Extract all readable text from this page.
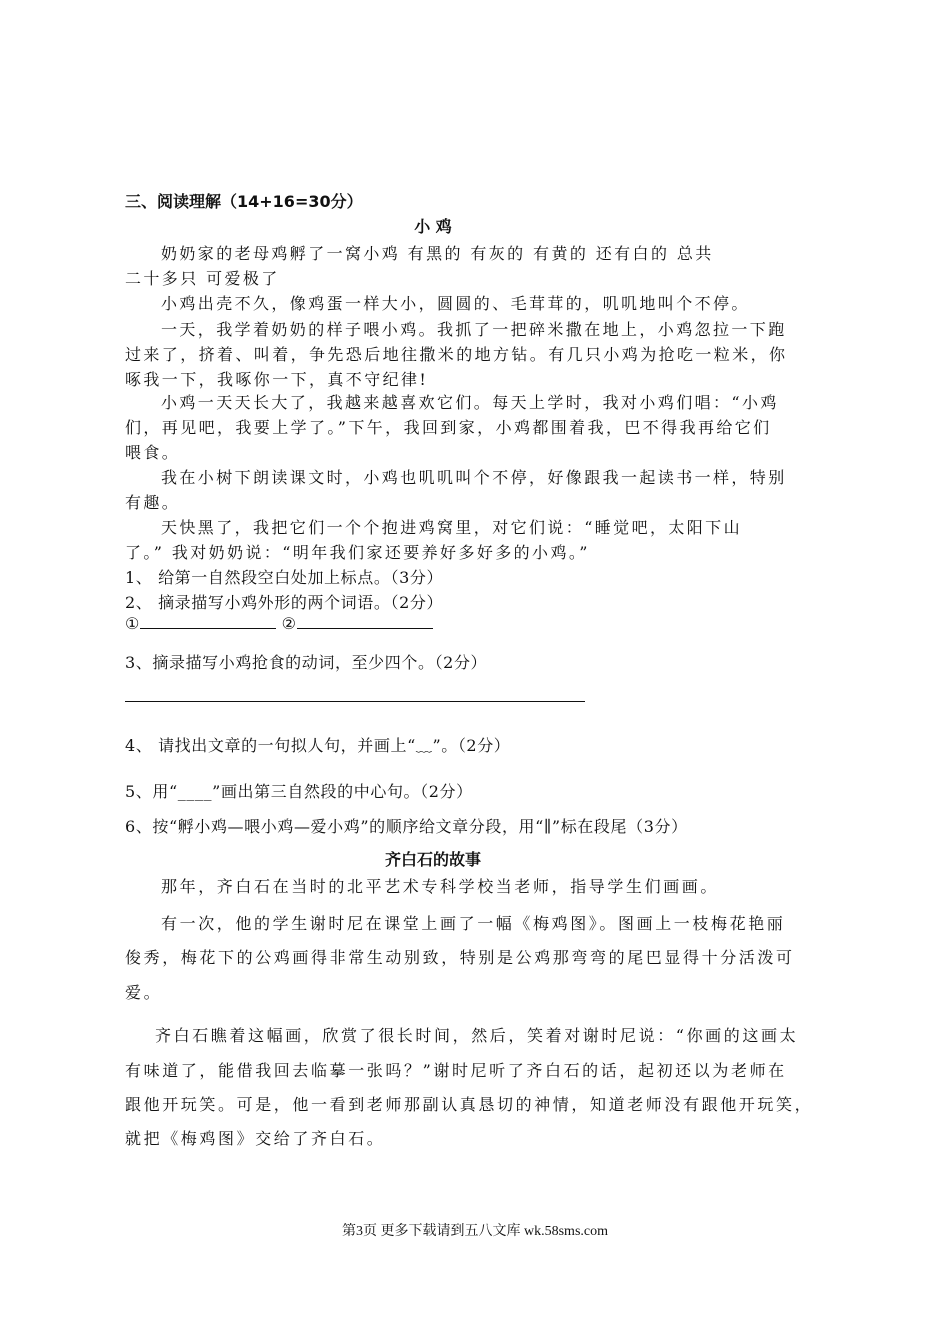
三、阅读理解（14+16=30分）
小 鸡
奶奶家的老母鸡孵了一窝小鸡 有黑的 有灰的 有黄的 还有白的 总共
二十多只 可爱极了
小鸡出壳不久，像鸡蛋一样大小，圆圆的、毛茸茸的，叽叽地叫个不停。
一天，我学着奶奶的样子喂小鸡。我抓了一把碎米撒在地上，小鸡忽拉一下跑
过来了，挤着、叫着，争先恐后地往撒米的地方钻。有几只小鸡为抢吃一粒米，你
啄我一下，我啄你一下，真不守纪律!
小鸡一天天长大了，我越来越喜欢它们。每天上学时，我对小鸡们唱：“小鸡
们，再见吧，我要上学了。”下午，我回到家，小鸡都围着我，巴不得我再给它们
喂食。
我在小树下朗读课文时，小鸡也叽叽叫个不停，好像跟我一起读书一样，特别
有趣。
天快黑了，我把它们一个个抱进鸡窝里，对它们说：“睡觉吧，太阳下山
了。” 我对奶奶说：“明年我们家还要养好多好多的小鸡。”
1、 给第一自然段空白处加上标点。（3分）
2、 摘录描写小鸡外形的两个词语。（2分）
①	②
3、摘录描写小鸡抢食的动词，至少四个。（2分）
4、 请找出文章的一句拟人句，并画上“﹏”。（2分）
5、用“____”画出第三自然段的中心句。（2分）
6、按“孵小鸡—喂小鸡—爱小鸡”的顺序给文章分段，用“∥”标在段尾（3分）
齐白石的故事
那年，齐白石在当时的北平艺术专科学校当老师，指导学生们画画。
有一次，他的学生谢时尼在课堂上画了一幅《梅鸡图》。图画上一枝梅花艳丽
俊秀，梅花下的公鸡画得非常生动别致，特别是公鸡那弯弯的尾巴显得十分活泼可
爱。
齐白石瞧着这幅画，欣赏了很长时间，然后，笑着对谢时尼说：“你画的这画太
有味道了，能借我回去临摹一张吗？”谢时尼听了齐白石的话，起初还以为老师在
跟他开玩笑。可是，他一看到老师那副认真恳切的神情，知道老师没有跟他开玩笑，
就把《梅鸡图》交给了齐白石。
第3页 更多下载请到五八文库 wk.58sms.com
